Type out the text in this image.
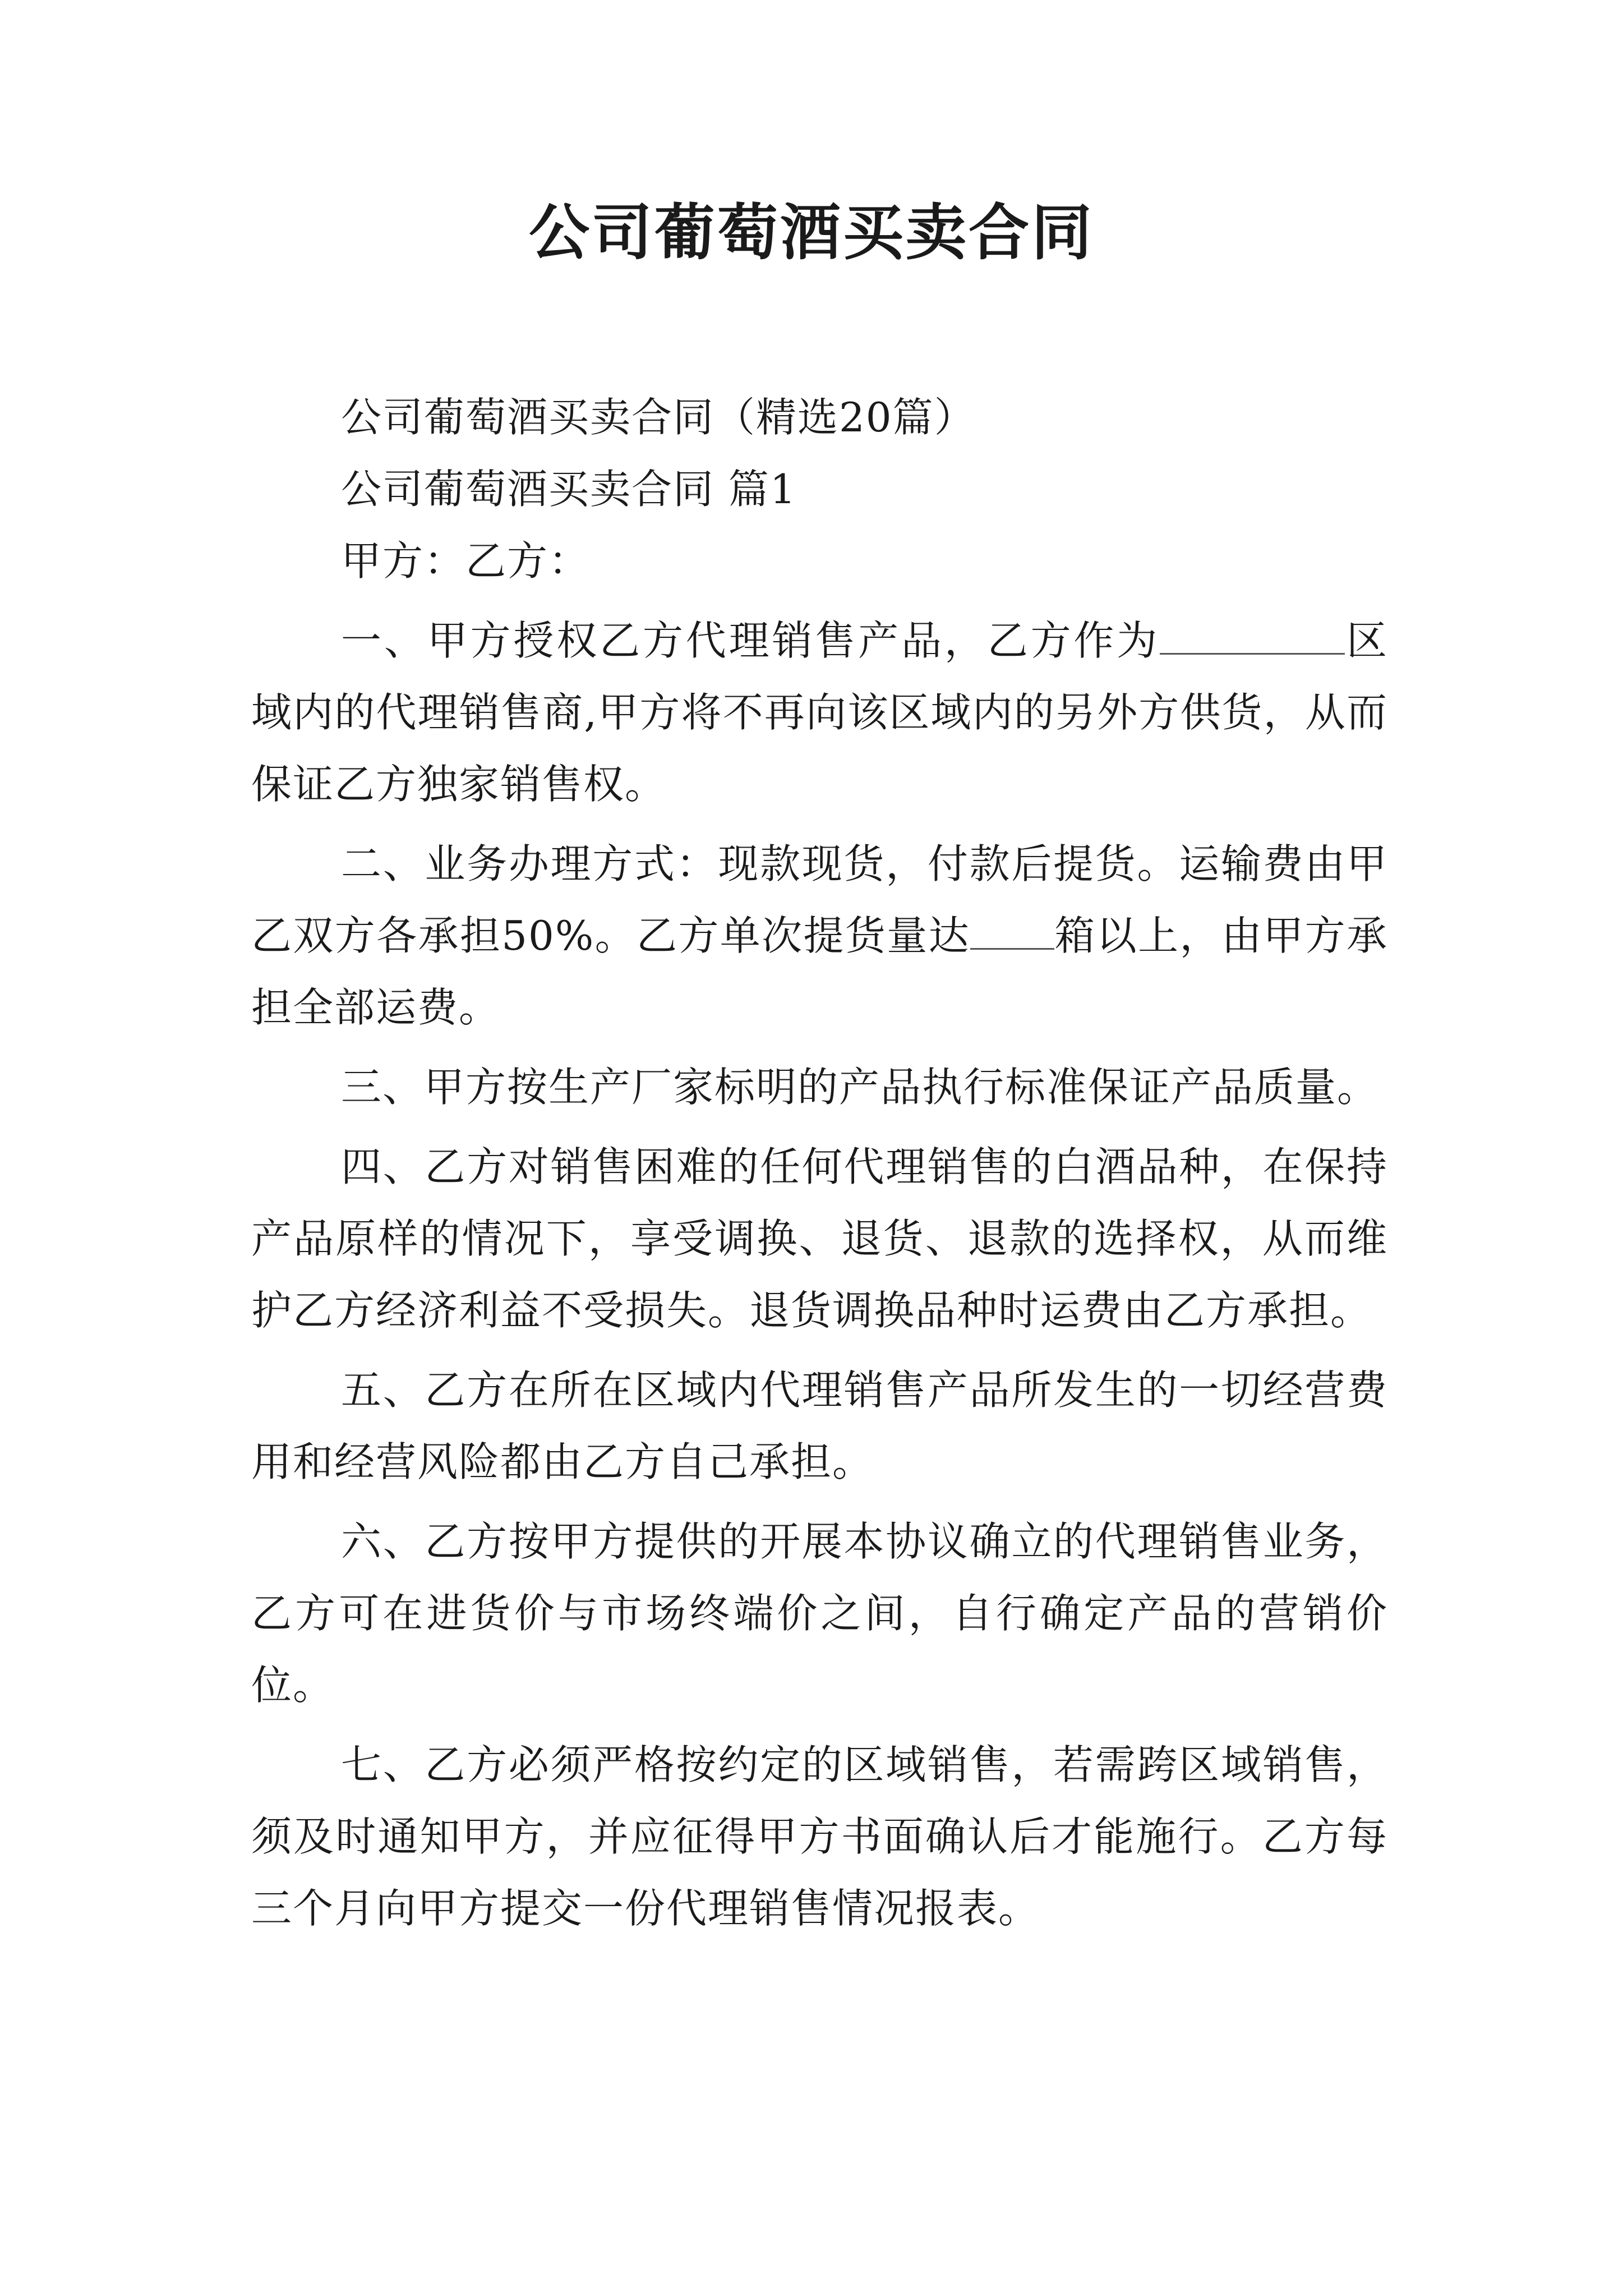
公司葡萄酒买卖合同

公司葡萄酒买卖合同（精选20篇）

公司葡萄酒买卖合同 篇1

甲方：乙方：

一、甲方授权乙方代理销售产品，乙方作为	区域内的代理销售商,甲方将不再向该区域内的另外方供货，从而保证乙方独家销售权。

二、业务办理方式：现款现货，付款后提货。运输费由甲乙双方各承担50%。乙方单次提货量达 箱以上，由甲方承担全部运费。

三、甲方按生产厂家标明的产品执行标准保证产品质量。

四、乙方对销售困难的任何代理销售的白酒品种，在保持产品原样的情况下，享受调换、退货、退款的选择权，从而维护乙方经济利益不受损失。退货调换品种时运费由乙方承担。

五、乙方在所在区域内代理销售产品所发生的一切经营费用和经营风险都由乙方自己承担。

六、乙方按甲方提供的开展本协议确立的代理销售业务，乙方可在进货价与市场终端价之间，自行确定产品的营销价位。

七、乙方必须严格按约定的区域销售，若需跨区域销售，须及时通知甲方，并应征得甲方书面确认后才能施行。乙方每三个月向甲方提交一份代理销售情况报表。
